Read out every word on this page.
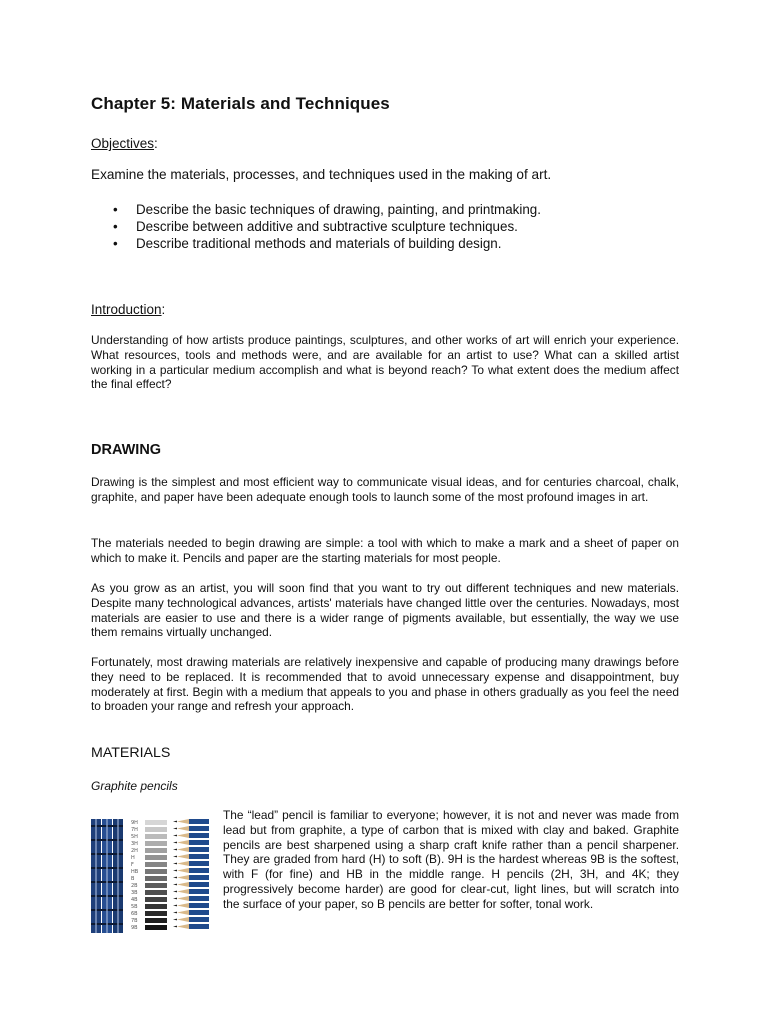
Chapter 5: Materials and Techniques
Objectives:
Examine the materials, processes, and techniques used in the making of art.
• Describe the basic techniques of drawing, painting, and printmaking.
• Describe between additive and subtractive sculpture techniques.
• Describe traditional methods and materials of building design.
Introduction:
Understanding of how artists produce paintings, sculptures, and other works of art will enrich your experience. What resources, tools and methods were, and are available for an artist to use? What can a skilled artist working in a particular medium accomplish and what is beyond reach? To what extent does the medium affect the final effect?
DRAWING
Drawing is the simplest and most efficient way to communicate visual ideas, and for centuries charcoal, chalk, graphite, and paper have been adequate enough tools to launch some of the most profound images in art.
The materials needed to begin drawing are simple: a tool with which to make a mark and a sheet of paper on which to make it. Pencils and paper are the starting materials for most people.
As you grow as an artist, you will soon find that you want to try out different techniques and new materials. Despite many technological advances, artists' materials have changed little over the centuries. Nowadays, most materials are easier to use and there is a wider range of pigments available, but essentially, the way we use them remains virtually unchanged.
Fortunately, most drawing materials are relatively inexpensive and capable of producing many drawings before they need to be replaced. It is recommended that to avoid unnecessary expense and disappointment, buy moderately at first. Begin with a medium that appeals to you and phase in others gradually as you feel the need to broaden your range and refresh your approach.
MATERIALS
Graphite pencils
9H
7H
5H
3H
2H
H
F
HB
B
2B
3B
4B
5B
6B
7B
9B
The “lead” pencil is familiar to everyone; however, it is not and never was made from lead but from graphite, a type of carbon that is mixed with clay and baked. Graphite pencils are best sharpened using a sharp craft knife rather than a pencil sharpener. They are graded from hard (H) to soft (B). 9H is the hardest whereas 9B is the softest, with F (for fine) and HB in the middle range. H pencils (2H, 3H, and 4K; they progressively become harder) are good for clear-cut, light lines, but will scratch into the surface of your paper, so B pencils are better for softer, tonal work.
